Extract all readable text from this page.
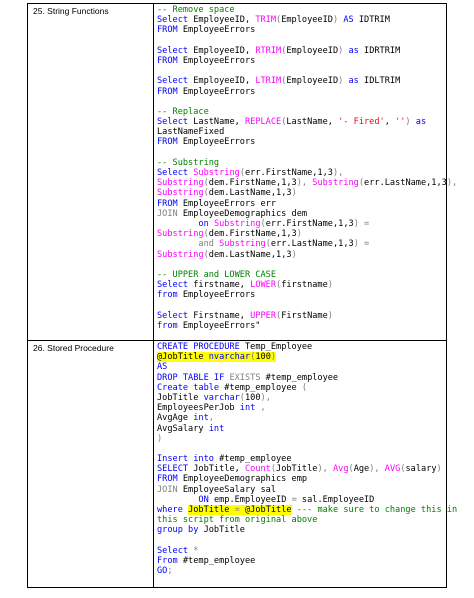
25. String Functions	-- Remove space
Select EmployeeID, TRIM(EmployeeID) AS IDTRIM
FROM EmployeeErrors
Select EmployeeID, RTRIM(EmployeeID) as IDRTRIM
FROM EmployeeErrors
Select EmployeeID, LTRIM(EmployeeID) as IDLTRIM
FROM EmployeeErrors
-- Replace
Select LastName, REPLACE(LastName, '- Fired', '') as
LastNameFixed
FROM EmployeeErrors
-- Substring
Select Substring(err.FirstName,1,3),
Substring(dem.FirstName,1,3), Substring(err.LastName,1,3),
Substring(dem.LastName,1,3)
FROM EmployeeErrors err
JOIN EmployeeDemographics dem
on Substring(err.FirstName,1,3) =
Substring(dem.FirstName,1,3)
and Substring(err.LastName,1,3) =
Substring(dem.LastName,1,3)
-- UPPER and LOWER CASE
Select firstname, LOWER(firstname)
from EmployeeErrors
Select Firstname, UPPER(FirstName)
from EmployeeErrors"
26. Stored Procedure	CREATE PROCEDURE Temp_Employee
@JobTitle nvarchar(100)
AS
DROP TABLE IF EXISTS #temp_employee
Create table #temp_employee (
JobTitle varchar(100),
EmployeesPerJob int ,
AvgAge int,
AvgSalary int
)
Insert into #temp_employee
SELECT JobTitle, Count(JobTitle), Avg(Age), AVG(salary)
FROM EmployeeDemographics emp
JOIN EmployeeSalary sal
ON emp.EmployeeID = sal.EmployeeID
where JobTitle = @JobTitle --- make sure to change this in
this script from original above
group by JobTitle
Select *
From #temp_employee
GO;
